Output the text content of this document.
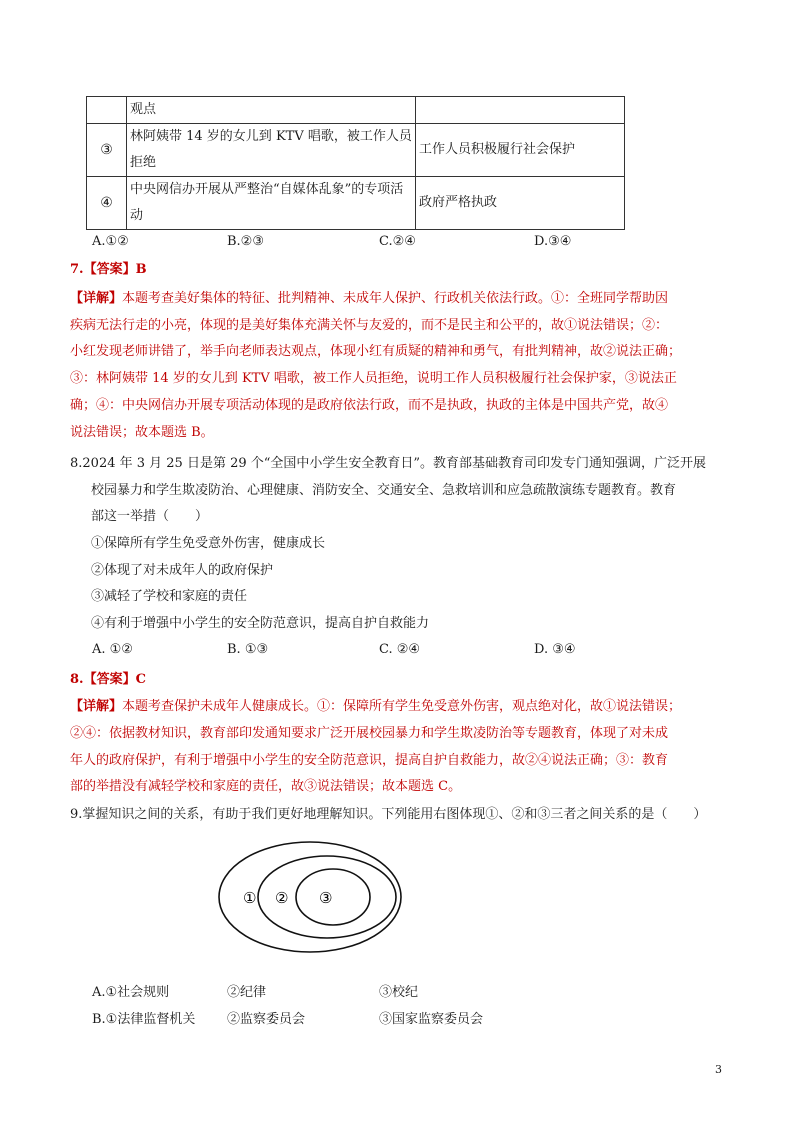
	观点	
③	林阿姨带 14 岁的女儿到 KTV 唱歌，被工作人员拒绝	工作人员积极履行社会保护
④	中央网信办开展从严整治“自媒体乱象”的专项活动	政府严格执政
A.①②	B.②③	C.②④	D.③④
7.【答案】B
【详解】本题考查美好集体的特征、批判精神、未成年人保护、行政机关依法行政。①：全班同学帮助因
疾病无法行走的小亮，体现的是美好集体充满关怀与友爱的，而不是民主和公平的，故①说法错误；②：
小红发现老师讲错了，举手向老师表达观点，体现小红有质疑的精神和勇气，有批判精神，故②说法正确；
③：林阿姨带 14 岁的女儿到 KTV 唱歌，被工作人员拒绝，说明工作人员积极履行社会保护家，③说法正
确；④：中央网信办开展专项活动体现的是政府依法行政，而不是执政，执政的主体是中国共产党，故④
说法错误；故本题选 B。
8.2024 年 3 月 25 日是第 29 个“全国中小学生安全教育日”。教育部基础教育司印发专门通知强调，广泛开展
校园暴力和学生欺凌防治、心理健康、消防安全、交通安全、急救培训和应急疏散演练专题教育。教育
部这一举措（　　）
①保障所有学生免受意外伤害，健康成长
②体现了对未成年人的政府保护
③减轻了学校和家庭的责任
④有利于增强中小学生的安全防范意识，提高自护自救能力
A. ①②	B. ①③	C. ②④	D. ③④
8.【答案】C
【详解】本题考查保护未成年人健康成长。①：保障所有学生免受意外伤害，观点绝对化，故①说法错误；
②④：依据教材知识，教育部印发通知要求广泛开展校园暴力和学生欺凌防治等专题教育，体现了对未成
年人的政府保护，有利于增强中小学生的安全防范意识，提高自护自救能力，故②④说法正确；③：教育
部的举措没有减轻学校和家庭的责任，故③说法错误；故本题选 C。
9.掌握知识之间的关系，有助于我们更好地理解知识。下列能用右图体现①、②和③三者之间关系的是（　　）
① ② ③
A.①社会规则	②纪律	③校纪
B.①法律监督机关 ②监察委员会	③国家监察委员会
3
